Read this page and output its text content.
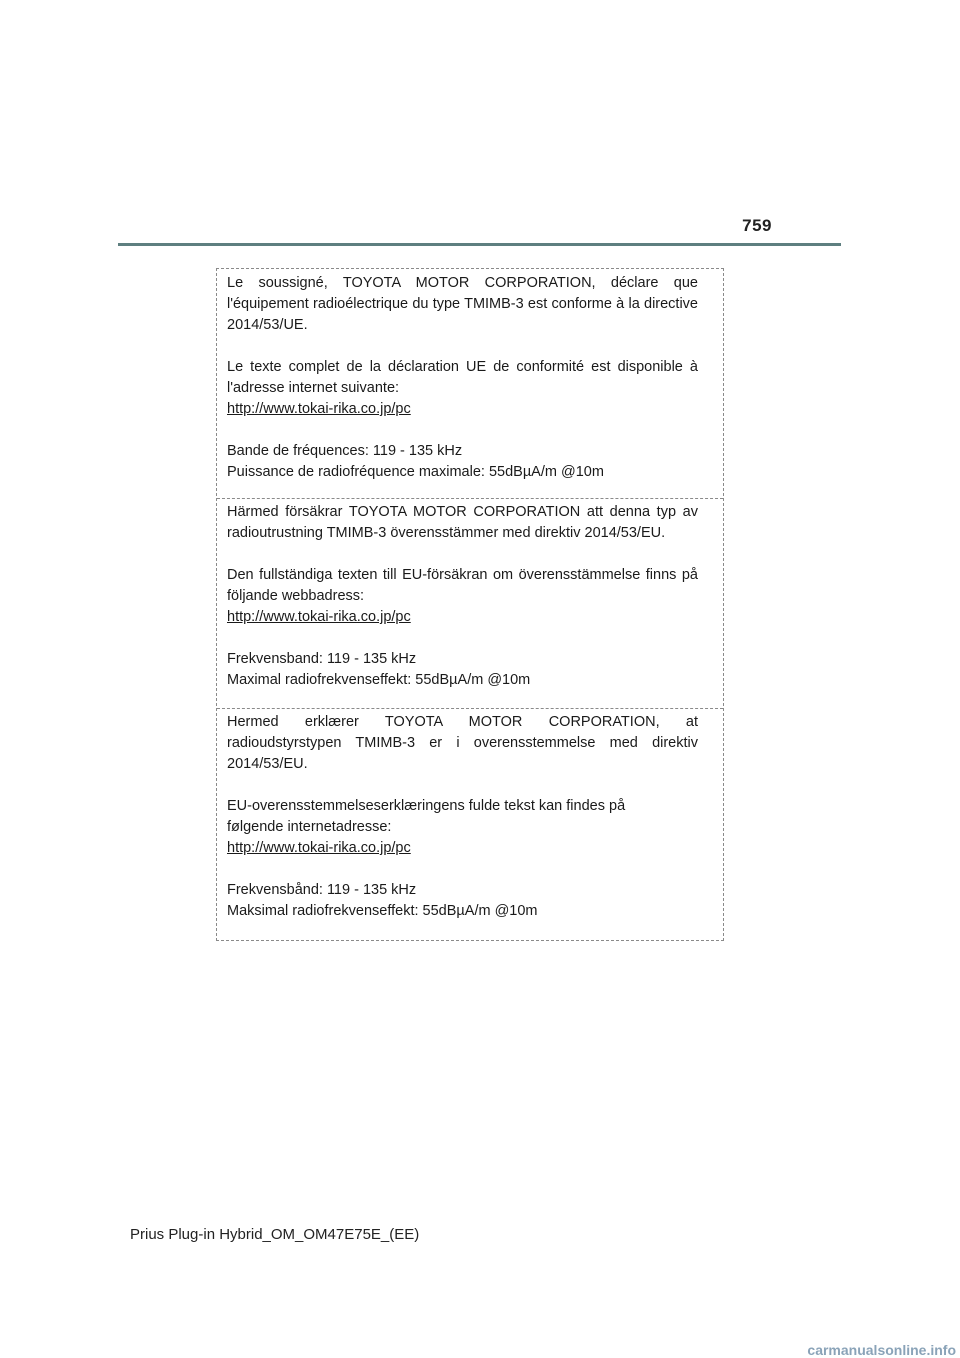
759

Le soussigné, TOYOTA MOTOR CORPORATION, déclare que l'équipement radioélectrique du type TMIMB-3 est conforme à la directive 2014/53/UE.

Le texte complet de la déclaration UE de conformité est disponible à l'adresse internet suivante:
http://www.tokai-rika.co.jp/pc

Bande de fréquences: 119 - 135 kHz
Puissance de radiofréquence maximale: 55dBµA/m @10m

Härmed försäkrar TOYOTA MOTOR CORPORATION att denna typ av radioutrustning TMIMB-3 överensstämmer med direktiv 2014/53/EU.

Den fullständiga texten till EU-försäkran om överensstämmelse finns på följande webbadress:
http://www.tokai-rika.co.jp/pc

Frekvensband: 119 - 135 kHz
Maximal radiofrekvenseffekt: 55dBµA/m @10m

Hermed erklærer TOYOTA MOTOR CORPORATION, at radioudstyrstypen TMIMB-3 er i overensstemmelse med direktiv 2014/53/EU.

EU-overensstemmelseserklæringens fulde tekst kan findes på
følgende internetadresse:
http://www.tokai-rika.co.jp/pc

Frekvensbånd: 119 - 135 kHz
Maksimal radiofrekvenseffekt: 55dBµA/m @10m

Prius Plug-in Hybrid_OM_OM47E75E_(EE)
carmanualsonline.info
